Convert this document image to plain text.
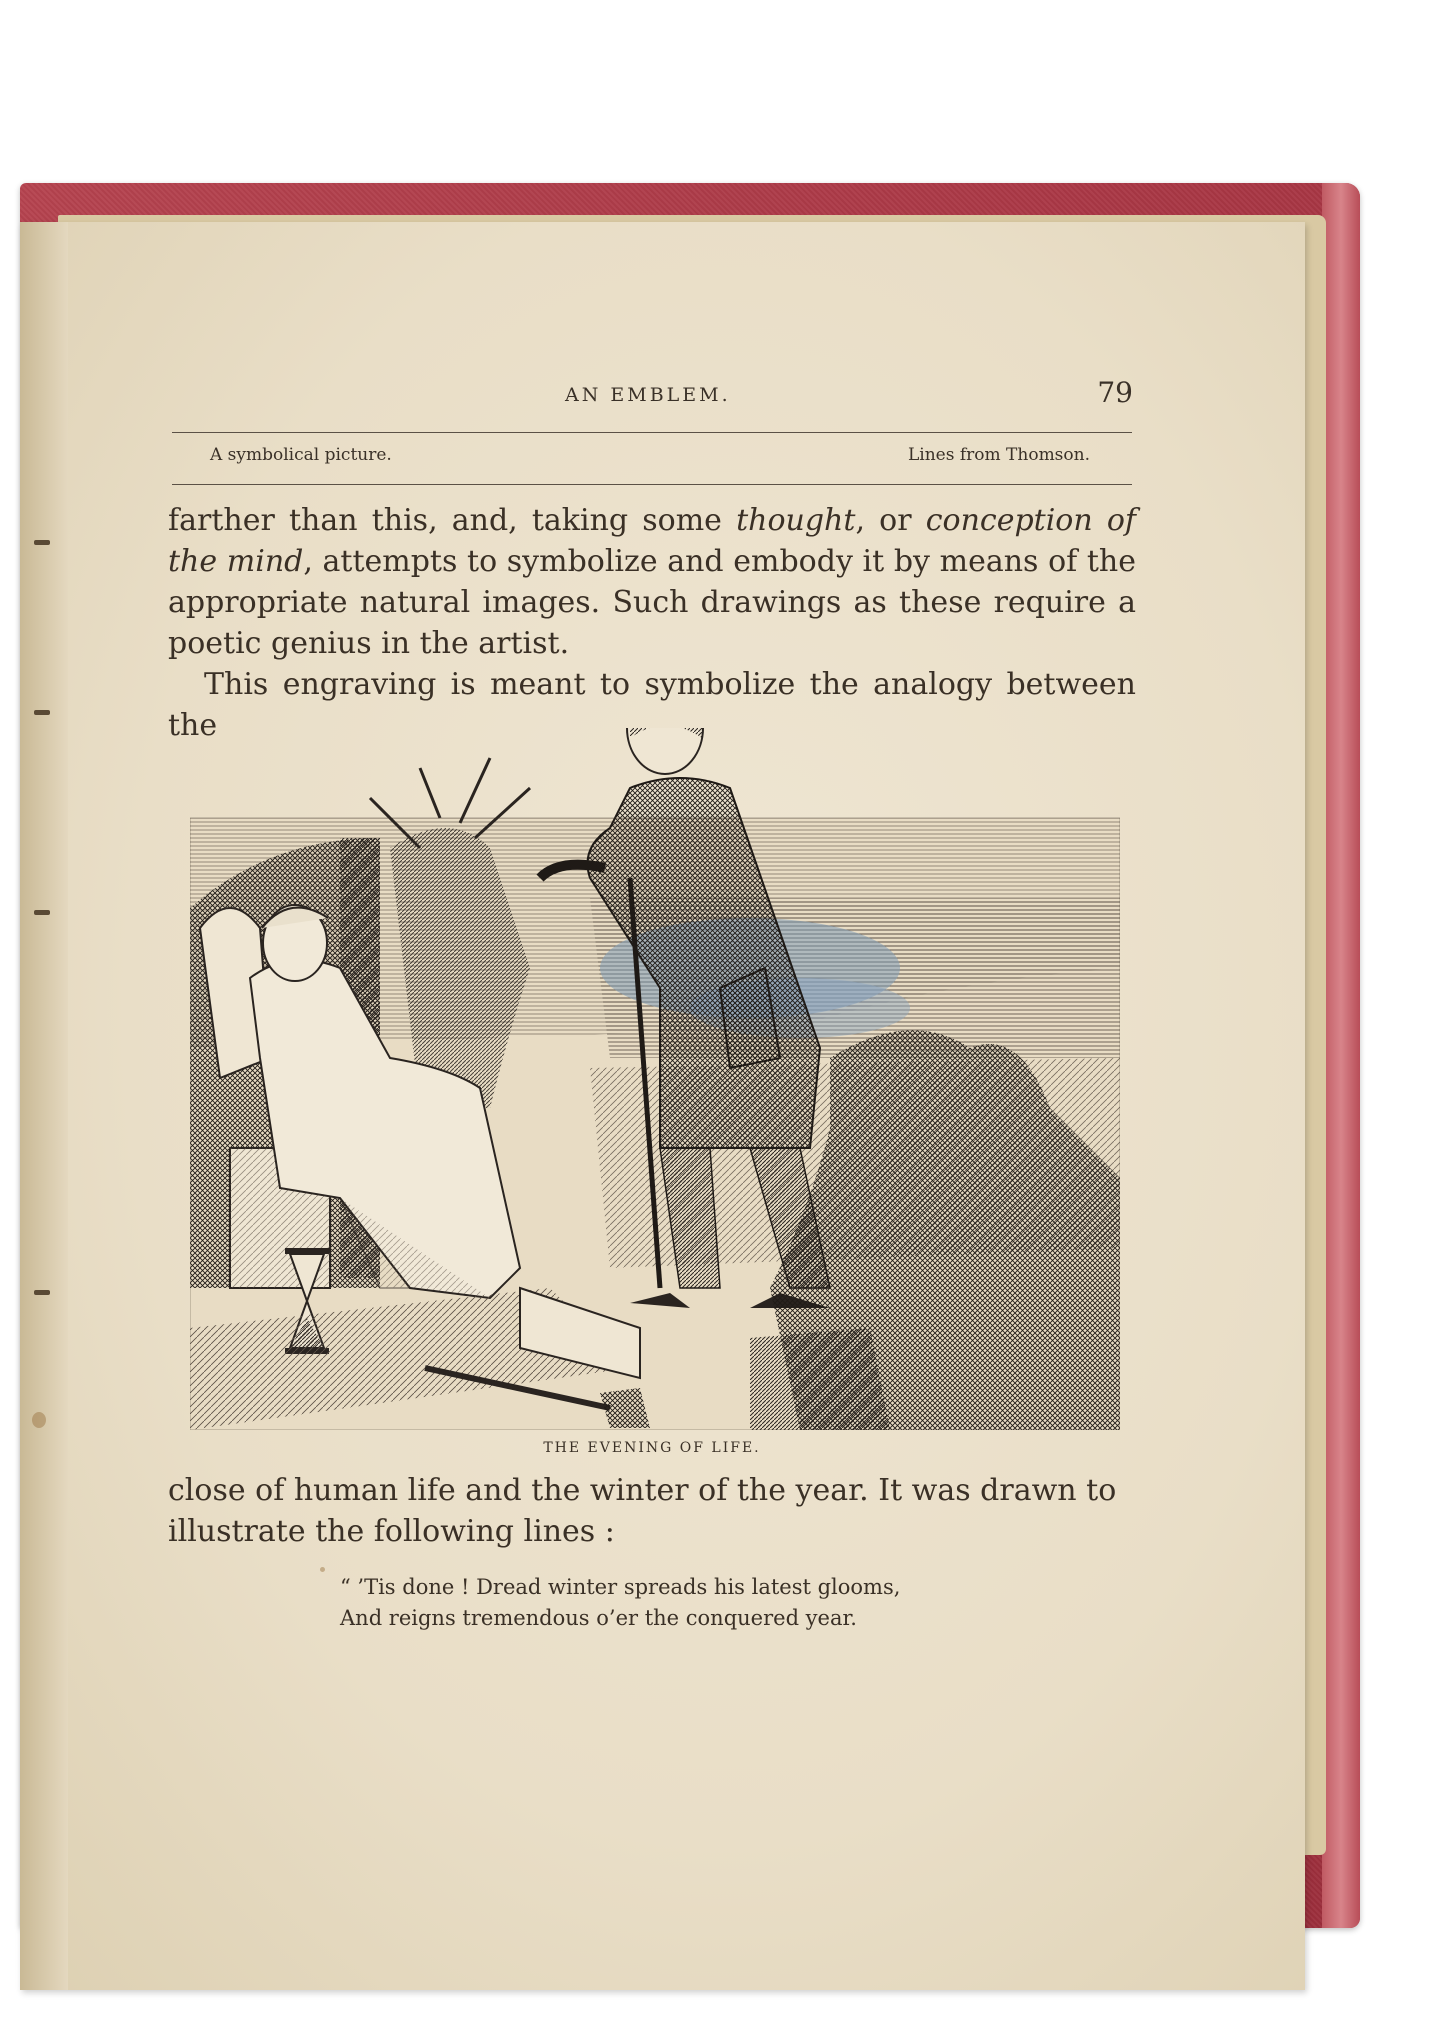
AN EMBLEM.	79
A symbolical picture.	Lines from Thomson.

farther than this, and, taking some thought, or conception of the mind, attempts to symbolize and embody it by means of the appropriate natural images. Such drawings as these require a poetic genius in the artist.

This engraving is meant to symbolize the analogy between the

THE EVENING OF LIFE.

close of human life and the winter of the year. It was drawn to illustrate the following lines :

“ ’Tis done ! Dread winter spreads his latest glooms,
And reigns tremendous o’er the conquered year.
